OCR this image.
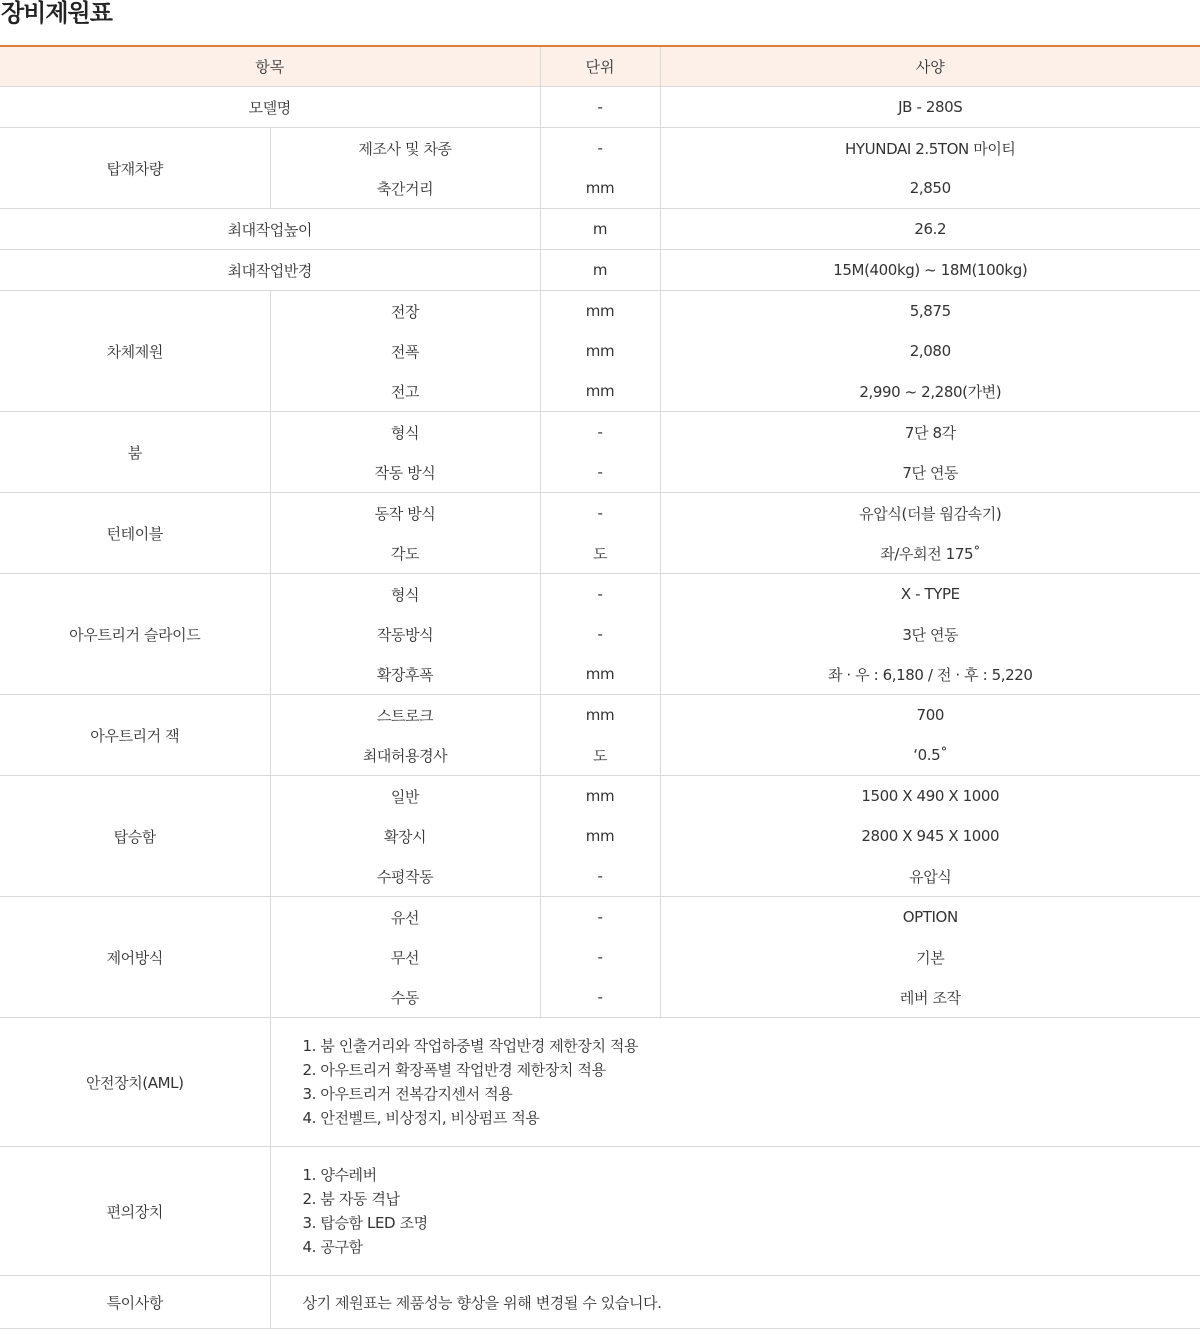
장비제원표
항목		단위	사양
모델명		-	JB - 280S
탑재차량	제조사 및 차종	-	HYUNDAI 2.5TON 마이티
	축간거리	mm	2,850
최대작업높이		m	26.2
최대작업반경		m	15M(400kg) ~ 18M(100kg)
차체제원	전장	mm	5,875
	전폭	mm	2,080
	전고	mm	2,990 ~ 2,280(가변)
붐	형식	-	7단 8각
	작동 방식	-	7단 연동
턴테이블	동작 방식	-	유압식(더블 웜감속기)
	각도	도	좌/우회전 175˚
아우트리거 슬라이드	형식	-	X - TYPE
	작동방식	-	3단 연동
	확장후폭	mm	좌 · 우 : 6,180 / 전 · 후 : 5,220
아우트리거 잭	스트로크	mm	700
	최대허용경사	도	‘0.5˚
탑승함	일반	mm	1500 X 490 X 1000
	확장시	mm	2800 X 945 X 1000
	수평작동	-	유압식
제어방식	유선	-	OPTION
	무선	-	기본
	수동	-	레버 조작
안전장치(AML)	1. 붐 인출거리와 작업하중별 작업반경 제한장치 적용
2. 아우트리거 확장폭별 작업반경 제한장치 적용
3. 아우트리거 전복감지센서 적용
4. 안전벨트, 비상정지, 비상펌프 적용		

편의장치	1. 양수레버
2. 붐 자동 격납
3. 탑승함 LED 조명
4. 공구함		

특이사항	상기 제원표는 제품성능 향상을 위해 변경될 수 있습니다.		
